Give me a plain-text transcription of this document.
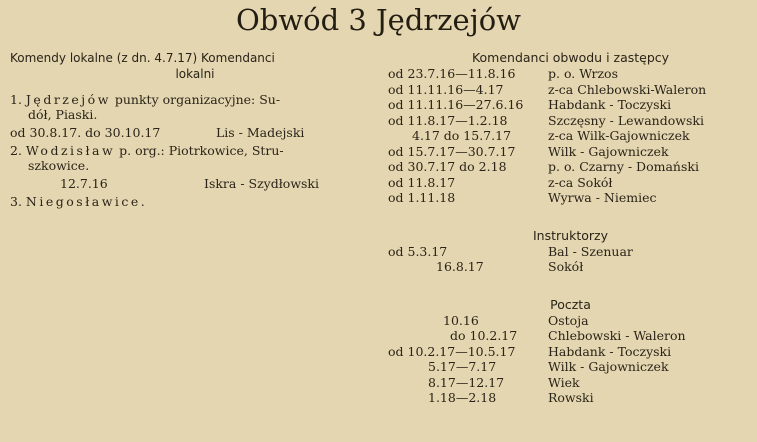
Obwód 3 Jędrzejów
Komendy lokalne (z dn. 4.7.17) Komendanci
lokalni
1. Jędrzejów punkty organizacyjne: Su-
dół, Piaski.
od 30.8.17. do 30.10.17	Lis - Madejski
2. Wodzisław p. org.: Piotrkowice, Stru-
szkowice.
12.7.16	Iskra - Szydłowski
3. Niegosławice.
Komendanci obwodu i zastępcy
od 23.7.16—11.8.16	p. o. Wrzos
od 11.11.16—4.17	z-ca Chlebowski-Waleron
od 11.11.16—27.6.16 Habdank - Toczyski
od 11.8.17—1.2.18	Szczęsny - Lewandowski
4.17 do 15.7.17	z-ca Wilk-Gajowniczek
od 15.7.17—30.7.17	Wilk - Gajowniczek
od 30.7.17 do 2.18	p. o. Czarny - Domański
od 11.8.17	z-ca Sokół
od 1.11.18	Wyrwa - Niemiec
Instruktorzy
od 5.3.17	Bal - Szenuar
16.8.17	Sokół
Poczta
10.16	Ostoja
do 10.2.17 Chlebowski - Waleron
od 10.2.17—10.5.17	Habdank - Toczyski
5.17—7.17	Wilk - Gajowniczek
8.17—12.17	Wiek
1.18—2.18	Rowski
